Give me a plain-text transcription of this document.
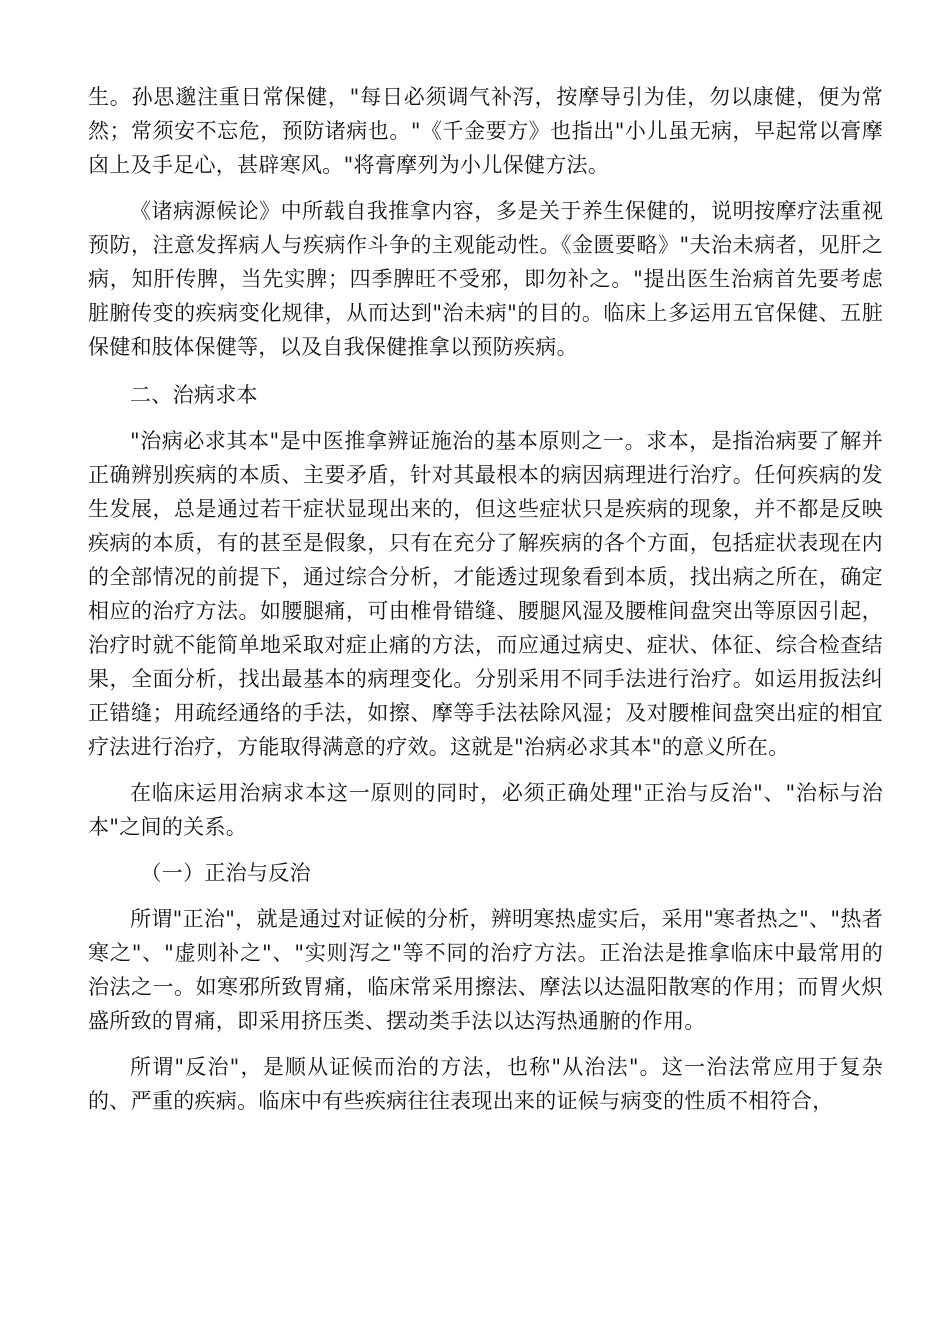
生。孙思邈注重日常保健，"每日必须调气补泻，按摩导引为佳，勿以康健，便为常然；常须安不忘危，预防诸病也。"《千金要方》也指出"小儿虽无病，早起常以膏摩囟上及手足心，甚辟寒风。"将膏摩列为小儿保健方法。

《诸病源候论》中所载自我推拿内容，多是关于养生保健的，说明按摩疗法重视预防，注意发挥病人与疾病作斗争的主观能动性。《金匮要略》"夫治未病者，见肝之病，知肝传脾，当先实脾；四季脾旺不受邪，即勿补之。"提出医生治病首先要考虑脏腑传变的疾病变化规律，从而达到"治未病"的目的。临床上多运用五官保健、五脏保健和肢体保健等，以及自我保健推拿以预防疾病。

二、治病求本

"治病必求其本"是中医推拿辨证施治的基本原则之一。求本，是指治病要了解并正确辨别疾病的本质、主要矛盾，针对其最根本的病因病理进行治疗。任何疾病的发生发展，总是通过若干症状显现出来的，但这些症状只是疾病的现象，并不都是反映疾病的本质，有的甚至是假象，只有在充分了解疾病的各个方面，包括症状表现在内的全部情况的前提下，通过综合分析，才能透过现象看到本质，找出病之所在，确定相应的治疗方法。如腰腿痛，可由椎骨错缝、腰腿风湿及腰椎间盘突出等原因引起，治疗时就不能简单地采取对症止痛的方法，而应通过病史、症状、体征、综合检查结果，全面分析，找出最基本的病理变化。分别采用不同手法进行治疗。如运用扳法纠正错缝；用疏经通络的手法，如擦、摩等手法祛除风湿；及对腰椎间盘突出症的相宜疗法进行治疗，方能取得满意的疗效。这就是"治病必求其本"的意义所在。

在临床运用治病求本这一原则的同时，必须正确处理"正治与反治"、"治标与治本"之间的关系。

（一）正治与反治

所谓"正治"，就是通过对证候的分析，辨明寒热虚实后，采用"寒者热之"、"热者寒之"、"虚则补之"、"实则泻之"等不同的治疗方法。正治法是推拿临床中最常用的治法之一。如寒邪所致胃痛，临床常采用擦法、摩法以达温阳散寒的作用；而胃火炽盛所致的胃痛，即采用挤压类、摆动类手法以达泻热通腑的作用。

所谓"反治"，是顺从证候而治的方法，也称"从治法"。这一治法常应用于复杂的、严重的疾病。临床中有些疾病往往表现出来的证候与病变的性质不相符合，
